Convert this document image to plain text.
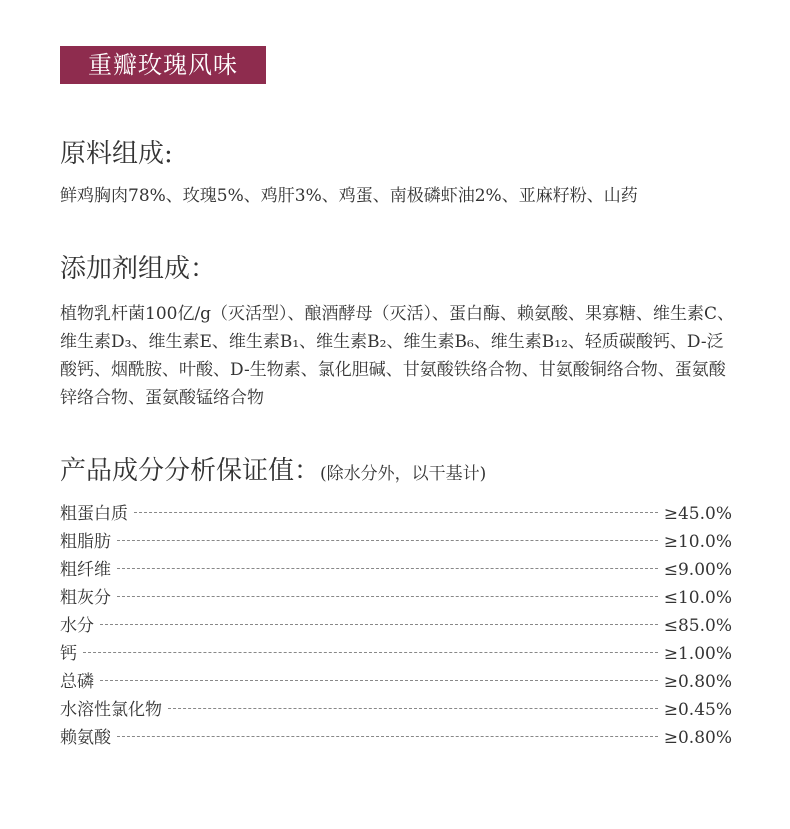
重瓣玫瑰风味
原料组成:
鲜鸡胸肉78%、玫瑰5%、鸡肝3%、鸡蛋、南极磷虾油2%、亚麻籽粉、山药
添加剂组成：
植物乳杆菌100亿/g（灭活型）、酿酒酵母（灭活）、蛋白酶、赖氨酸、果寡糖、维生素C、维生素D₃、维生素E、维生素B₁、维生素B₂、维生素B₆、维生素B₁₂、轻质碳酸钙、D-泛酸钙、烟酰胺、叶酸、D-生物素、氯化胆碱、甘氨酸铁络合物、甘氨酸铜络合物、蛋氨酸锌络合物、蛋氨酸锰络合物
产品成分分析保证值：(除水分外，以干基计)
粗蛋白质	≥45.0%
粗脂肪	≥10.0%
粗纤维	≤9.00%
粗灰分	≤10.0%
水分	≤85.0%
钙	≥1.00%
总磷	≥0.80%
水溶性氯化物	≥0.45%
赖氨酸	≥0.80%
